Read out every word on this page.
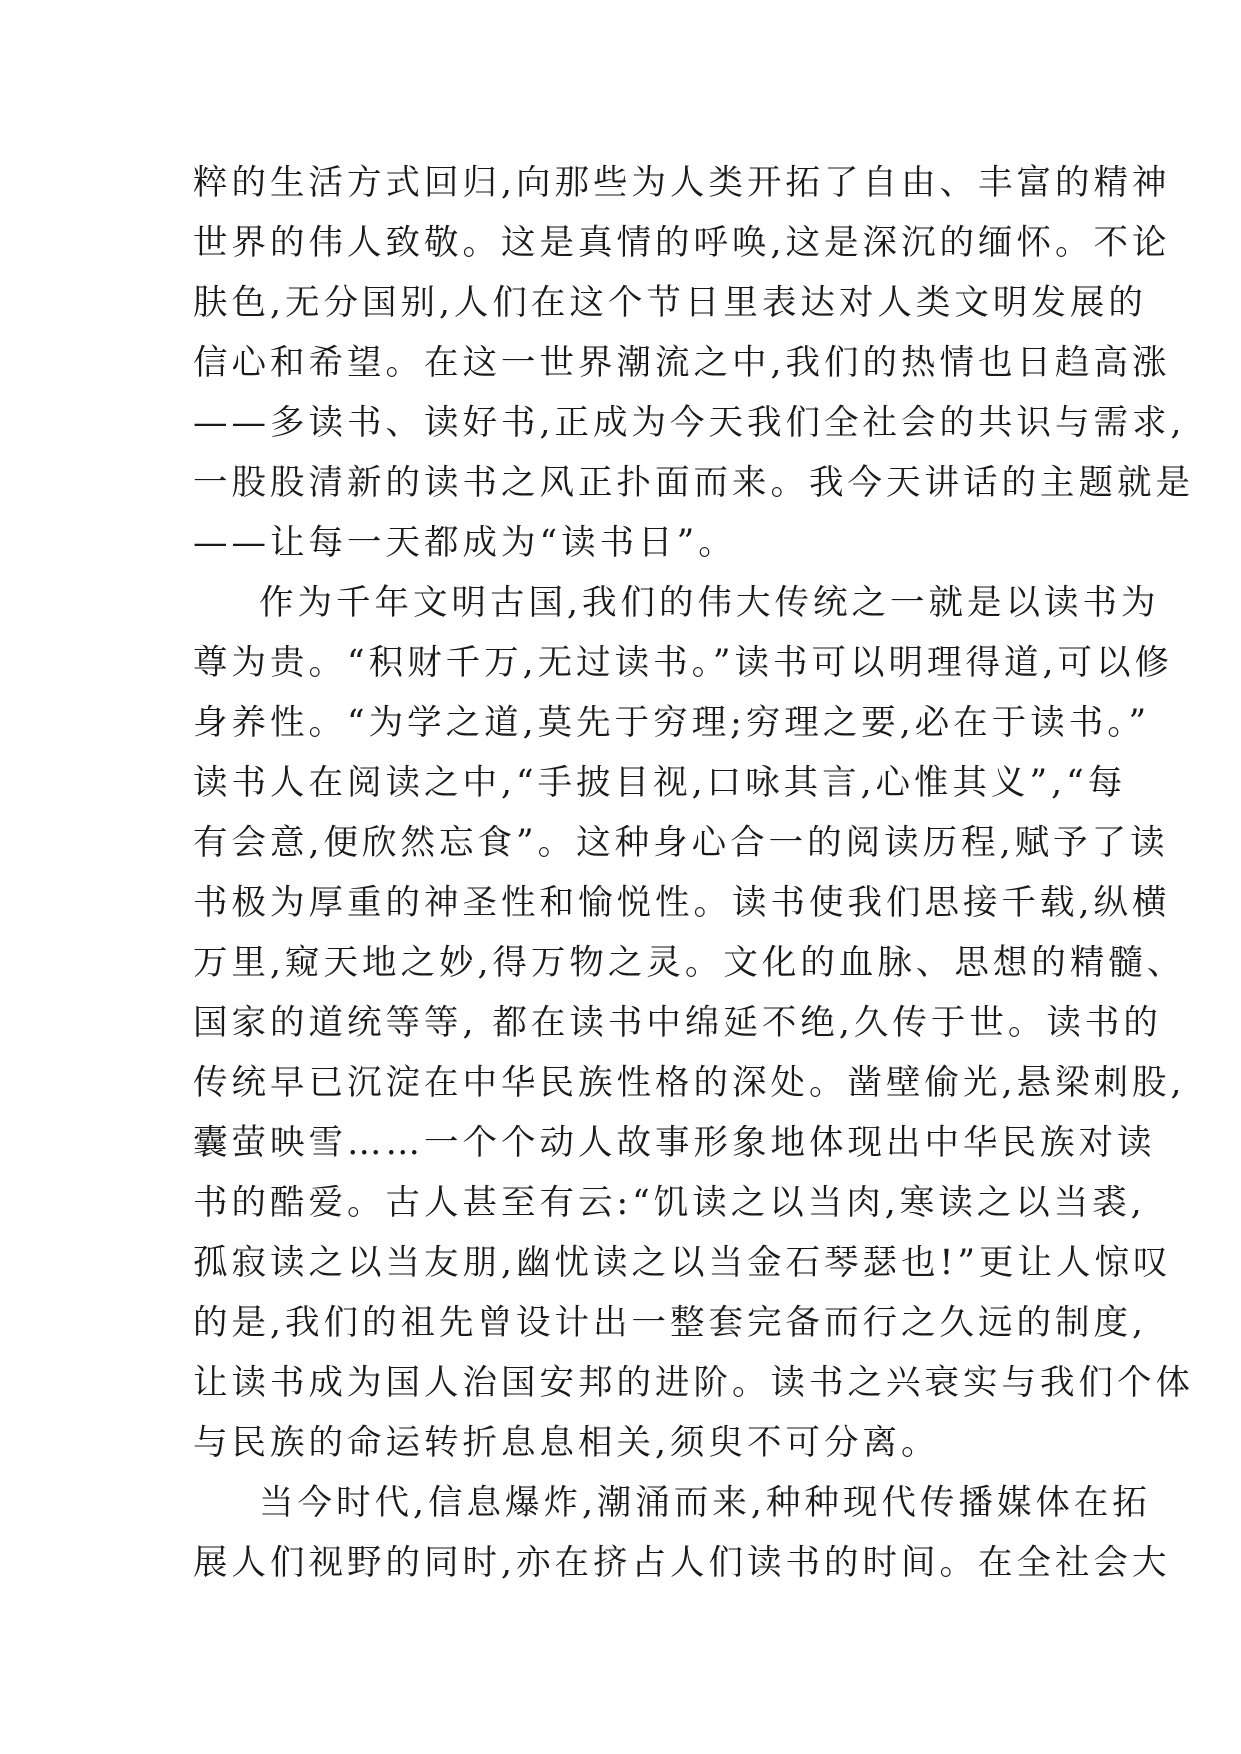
粹的生活方式回归,向那些为人类开拓了自由、丰富的精神
世界的伟人致敬。这是真情的呼唤,这是深沉的缅怀。不论
肤色,无分国别,人们在这个节日里表达对人类文明发展的
信心和希望。在这一世界潮流之中,我们的热情也日趋高涨
——多读书、读好书,正成为今天我们全社会的共识与需求,
一股股清新的读书之风正扑面而来。我今天讲话的主题就是
——让每一天都成为“读书日”。
作为千年文明古国,我们的伟大传统之一就是以读书为
尊为贵。“积财千万,无过读书。”读书可以明理得道,可以修
身养性。“为学之道,莫先于穷理;穷理之要,必在于读书。”
读书人在阅读之中,“手披目视,口咏其言,心惟其义”,“每
有会意,便欣然忘食”。这种身心合一的阅读历程,赋予了读
书极为厚重的神圣性和愉悦性。读书使我们思接千载,纵横
万里,窥天地之妙,得万物之灵。文化的血脉、思想的精髓、
国家的道统等等, 都在读书中绵延不绝,久传于世。读书的
传统早已沉淀在中华民族性格的深处。凿壁偷光,悬梁刺股,
囊萤映雪……一个个动人故事形象地体现出中华民族对读
书的酷爱。古人甚至有云:“饥读之以当肉,寒读之以当裘,
孤寂读之以当友朋,幽忧读之以当金石琴瑟也!”更让人惊叹
的是,我们的祖先曾设计出一整套完备而行之久远的制度,
让读书成为国人治国安邦的进阶。读书之兴衰实与我们个体
与民族的命运转折息息相关,须臾不可分离。
当今时代,信息爆炸,潮涌而来,种种现代传播媒体在拓
展人们视野的同时,亦在挤占人们读书的时间。在全社会大
